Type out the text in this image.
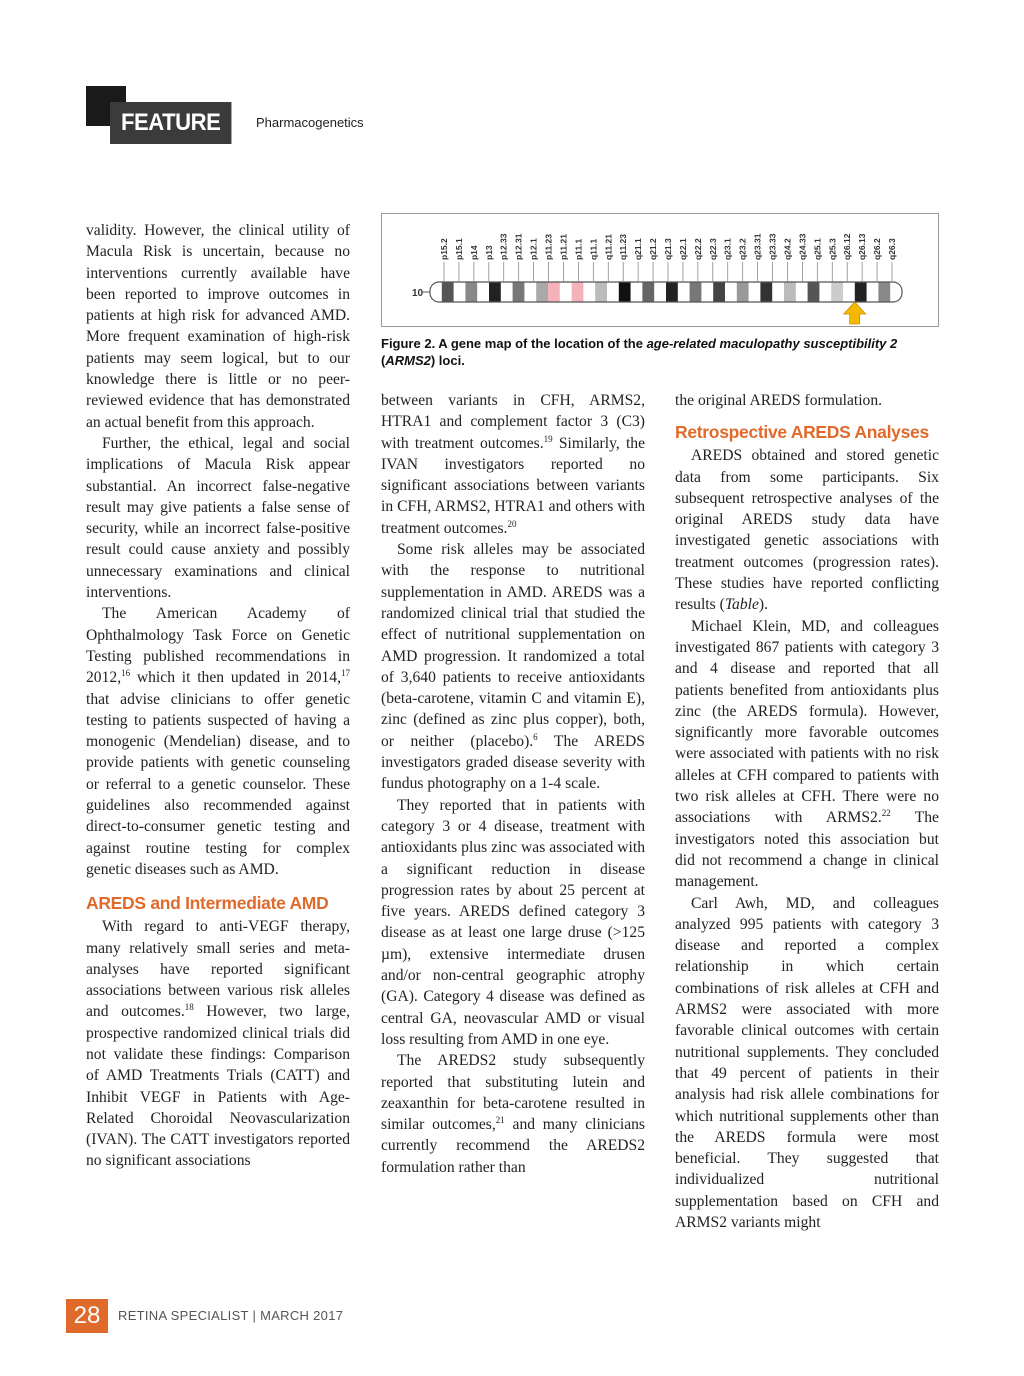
FEATURE	Pharmacogenetics

validity. However, the clinical utility of Macula Risk is uncertain, because no interventions currently available have been reported to improve outcomes in patients at high risk for advanced AMD. More frequent examination of high-risk patients may seem logical, but to our knowledge there is little or no peer-reviewed evidence that has demonstrated an actual benefit from this approach.

Further, the ethical, legal and social implications of Macula Risk appear substantial. An incorrect false-negative result may give patients a false sense of security, while an incorrect false-positive result could cause anxiety and possibly unnecessary examinations and clinical interventions.

The American Academy of Ophthalmology Task Force on Genetic Testing published recommendations in 2012,16 which it then updated in 2014,17 that advise clinicians to offer genetic testing to patients suspected of having a monogenic (Mendelian) disease, and to provide patients with genetic counseling or referral to a genetic counselor. These guidelines also recommended against direct-to-consumer genetic testing and against routine testing for complex genetic diseases such as AMD.

AREDS and Intermediate AMD

With regard to anti-VEGF therapy, many relatively small series and meta-analyses have reported significant associations between various risk alleles and outcomes.$^{18}$ However, two large, prospective randomized clinical trials did not validate these findings: Comparison of AMD Treatments Trials (CATT) and Inhibit VEGF in Patients with Age-Related Choroidal Neovascularization (IVAN). The CATT investigators reported no significant associations

10
p15.2 p15.1 p14 p13 p12.33 p12.31 p12.1 p11.23 p11.21 p11.1 q11.1 q11.21 q11.23 q21.1 q21.2 q21.3 q22.1 q22.2 q22.3 q23.1 q23.2 q23.31 q23.33 q24.2 q24.33 q25.1 q25.3 q26.12 q26.13 q26.2 q26.3
Figure 2. A gene map of the location of the age-related maculopathy susceptibility 2 (ARMS2) loci.

between variants in CFH, ARMS2, HTRA1 and complement factor 3 (C3) with treatment outcomes.$^{19}$ Similarly, the IVAN investigators reported no significant associations between variants in CFH, ARMS2, HTRA1 and others with treatment outcomes.$^{20}$

Some risk alleles may be associated with the response to nutritional supplementation in AMD. AREDS was a randomized clinical trial that studied the effect of nutritional supplementation on AMD progression. It randomized a total of 3,640 patients to receive antioxidants (beta-carotene, vitamin C and vitamin E), zinc (defined as zinc plus copper), both, or neither (placebo).$^6$ The AREDS investigators graded disease severity with fundus photography on a 1-4 scale.

They reported that in patients with category 3 or 4 disease, treatment with antioxidants plus zinc was associated with a significant reduction in disease progression rates by about 25 percent at five years. AREDS defined category 3 disease as at least one large druse (>125 µm), extensive intermediate drusen and/or non-central geographic atrophy (GA). Category 4 disease was defined as central GA, neovascular AMD or visual loss resulting from AMD in one eye.

The AREDS2 study subsequently reported that substituting lutein and zeaxanthin for beta-carotene resulted in similar outcomes,$^{21}$ and many clinicians currently recommend the AREDS2 formulation rather than

the original AREDS formulation.

Retrospective AREDS Analyses

AREDS obtained and stored genetic data from some participants. Six subsequent retrospective analyses of the original AREDS study data have investigated genetic associations with treatment outcomes (progression rates). These studies have reported conflicting results (Table).

Michael Klein, MD, and colleagues investigated 867 patients with category 3 and 4 disease and reported that all patients benefited from antioxidants plus zinc (the AREDS formula). However, significantly more favorable outcomes were associated with patients with no risk alleles at CFH compared to patients with two risk alleles at CFH. There were no associations with ARMS2.22 The investigators noted this association but did not recommend a change in clinical management.

Carl Awh, MD, and colleagues analyzed 995 patients with category 3 disease and reported a complex relationship in which certain combinations of risk alleles at CFH and ARMS2 were associated with more favorable clinical outcomes with certain nutritional supplements. They concluded that 49 percent of patients in their analysis had risk allele combinations for which nutritional supplements other than the AREDS formula were most beneficial. They suggested that individualized nutritional supplementation based on CFH and ARMS2 variants might

28	RETINA SPECIALIST | MARCH 2017
